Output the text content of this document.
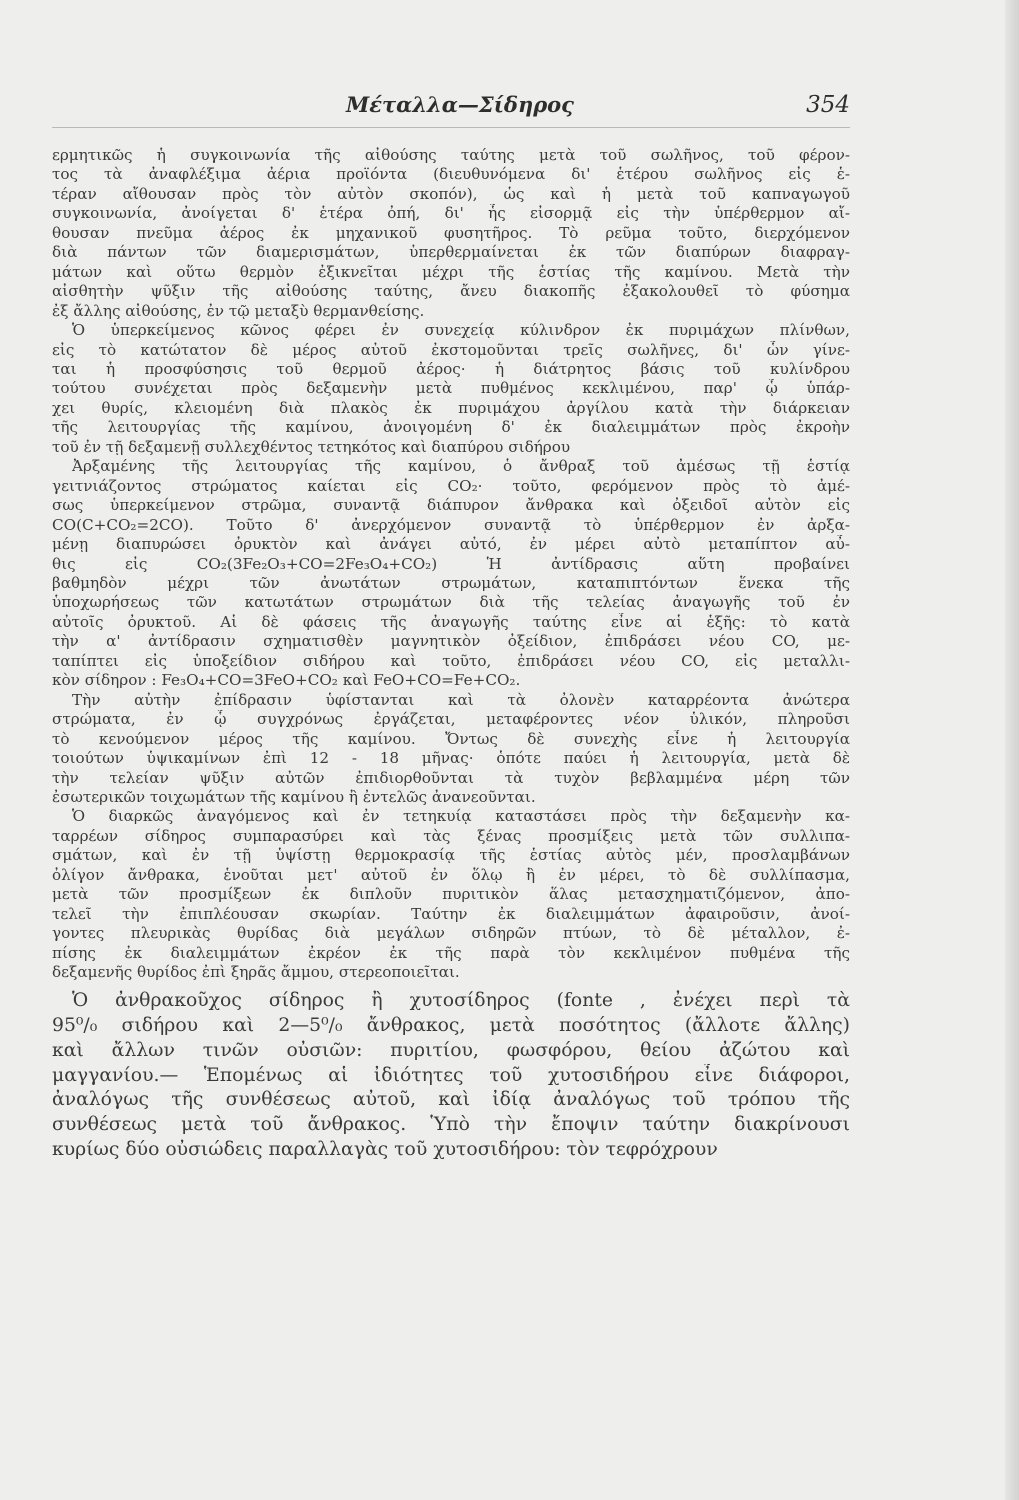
Μέταλλα—Σίδηρος	354
ερμητικῶς ἡ συγκοινωνία τῆς αἰθούσης ταύτης μετὰ τοῦ σωλῆνος, τοῦ φέρον-
τος τὰ ἀναφλέξιμα ἀέρια προϊόντα (διευθυνόμενα δι' ἑτέρου σωλῆνος εἰς ἑ-
τέραν αἴθουσαν πρὸς τὸν αὐτὸν σκοπόν), ὡς καὶ ἡ μετὰ τοῦ καπναγωγοῦ
συγκοινωνία, ἀνοίγεται δ' ἑτέρα ὀπή, δι' ἧς εἰσορμᾷ εἰς τὴν ὑπέρθερμον αἴ-
θουσαν πνεῦμα ἀέρος ἐκ μηχανικοῦ φυσητῆρος. Τὸ ρεῦμα τοῦτο, διερχόμενον
διὰ πάντων τῶν διαμερισμάτων, ὑπερθερμαίνεται ἐκ τῶν διαπύρων διαφραγ-
μάτων καὶ οὕτω θερμὸν ἐξικνεῖται μέχρι τῆς ἑστίας τῆς καμίνου. Μετὰ τὴν
αἰσθητὴν ψῦξιν τῆς αἰθούσης ταύτης, ἄνευ διακοπῆς ἐξακολουθεῖ τὸ φύσημα
ἐξ ἄλλης αἰθούσης, ἐν τῷ μεταξὺ θερμανθείσης.
Ὁ ὑπερκείμενος κῶνος φέρει ἐν συνεχείᾳ κύλινδρον ἐκ πυριμάχων πλίνθων,
εἰς τὸ κατώτατον δὲ μέρος αὐτοῦ ἐκστομοῦνται τρεῖς σωλῆνες, δι' ὧν γίνε-
ται ἡ προσφύσησις τοῦ θερμοῦ ἀέρος· ἡ διάτρητος βάσις τοῦ κυλίνδρου
τούτου συνέχεται πρὸς δεξαμενὴν μετὰ πυθμένος κεκλιμένου, παρ' ᾧ ὑπάρ-
χει θυρίς, κλειομένη διὰ πλακὸς ἐκ πυριμάχου ἀργίλου κατὰ τὴν διάρκειαν
τῆς λειτουργίας τῆς καμίνου, ἀνοιγομένη δ' ἐκ διαλειμμάτων πρὸς ἐκροὴν
τοῦ ἐν τῇ δεξαμενῇ συλλεχθέντος τετηκότος καὶ διαπύρου σιδήρου
Ἀρξαμένης τῆς λειτουργίας τῆς καμίνου, ὁ ἄνθραξ τοῦ ἀμέσως τῇ ἑστίᾳ
γειτνιάζοντος στρώματος καίεται εἰς CO₂· τοῦτο, φερόμενον πρὸς τὸ ἀμέ-
σως ὑπερκείμενον στρῶμα, συναντᾷ διάπυρον ἄνθρακα καὶ ὀξειδοῖ αὐτὸν εἰς
CO(C+CO₂=2CO). Τοῦτο δ' ἀνερχόμενον συναντᾷ τὸ ὑπέρθερμον ἐν ἀρξα-
μένῃ διαπυρώσει ὀρυκτὸν καὶ ἀνάγει αὐτό, ἐν μέρει αὐτὸ μεταπίπτον αὖ-
θις εἰς CO₂(3Fe₂O₃+CO=2Fe₃O₄+CO₂) Ἡ ἀντίδρασις αὕτη προβαίνει
βαθμηδὸν μέχρι τῶν ἀνωτάτων στρωμάτων, καταπιπτόντων ἕνεκα τῆς
ὑποχωρήσεως τῶν κατωτάτων στρωμάτων διὰ τῆς τελείας ἀναγωγῆς τοῦ ἐν
αὐτοῖς ὀρυκτοῦ. Αἱ δὲ φάσεις τῆς ἀναγωγῆς ταύτης εἶνε αἱ ἑξῆς: τὸ κατὰ
τὴν α' ἀντίδρασιν σχηματισθὲν μαγνητικὸν ὀξείδιον, ἐπιδράσει νέου CO, με-
ταπίπτει εἰς ὑποξείδιον σιδήρου καὶ τοῦτο, ἐπιδράσει νέου CO, εἰς μεταλλι-
κὸν σίδηρον : Fe₃O₄+CO=3FeO+CO₂ καὶ FeO+CO=Fe+CO₂.
Τὴν αὐτὴν ἐπίδρασιν ὑφίστανται καὶ τὰ ὀλονὲν καταρρέοντα ἀνώτερα
στρώματα, ἐν ᾧ συγχρόνως ἐργάζεται, μεταφέροντες νέον ὑλικόν, πληροῦσι
τὸ κενούμενον μέρος τῆς καμίνου. Ὄντως δὲ συνεχὴς εἶνε ἡ λειτουργία
τοιούτων ὑψικαμίνων ἐπὶ 12 - 18 μῆνας· ὁπότε παύει ἡ λειτουργία, μετὰ δὲ
τὴν τελείαν ψῦξιν αὐτῶν ἐπιδιορθοῦνται τὰ τυχὸν βεβλαμμένα μέρη τῶν
ἐσωτερικῶν τοιχωμάτων τῆς καμίνου ἢ ἐντελῶς ἀνανεοῦνται.
Ὁ διαρκῶς ἀναγόμενος καὶ ἐν τετηκυίᾳ καταστάσει πρὸς τὴν δεξαμενὴν κα-
ταρρέων σίδηρος συμπαρασύρει καὶ τὰς ξένας προσμίξεις μετὰ τῶν συλλιπα-
σμάτων, καὶ ἐν τῇ ὑψίστῃ θερμοκρασίᾳ τῆς ἑστίας αὐτὸς μέν, προσλαμβάνων
ὀλίγον ἄνθρακα, ἑνοῦται μετ' αὐτοῦ ἐν ὅλῳ ἢ ἐν μέρει, τὸ δὲ συλλίπασμα,
μετὰ τῶν προσμίξεων ἐκ διπλοῦν πυριτικὸν ἅλας μετασχηματιζόμενον, ἀπο-
τελεῖ τὴν ἐπιπλέουσαν σκωρίαν. Ταύτην ἐκ διαλειμμάτων ἀφαιροῦσιν, ἀνοί-
γοντες πλευρικὰς θυρίδας διὰ μεγάλων σιδηρῶν πτύων, τὸ δὲ μέταλλον, ἐ-
πίσης ἐκ διαλειμμάτων ἐκρέον ἐκ τῆς παρὰ τὸν κεκλιμένον πυθμένα τῆς
δεξαμενῆς θυρίδος ἐπὶ ξηρᾶς ἄμμου, στερεοποιεῖται.
Ὁ ἀνθρακοῦχος σίδηρος ἢ χυτοσίδηρος (fonte , ἐνέχει περὶ τὰ
95⁰/₀ σιδήρου καὶ 2—5⁰/₀ ἄνθρακος, μετὰ ποσότητος (ἄλλοτε ἄλλης)
καὶ ἄλλων τινῶν οὐσιῶν: πυριτίου, φωσφόρου, θείου ἀζώτου καὶ
μαγγανίου.— Ἑπομένως αἱ ἰδιότητες τοῦ χυτοσιδήρου εἶνε διάφοροι,
ἀναλόγως τῆς συνθέσεως αὐτοῦ, καὶ ἰδίᾳ ἀναλόγως τοῦ τρόπου τῆς
συνθέσεως μετὰ τοῦ ἄνθρακος. Ὑπὸ τὴν ἔποψιν ταύτην διακρίνουσι
κυρίως δύο οὐσιώδεις παραλλαγὰς τοῦ χυτοσιδήρου: τὸν τεφρόχρουν
